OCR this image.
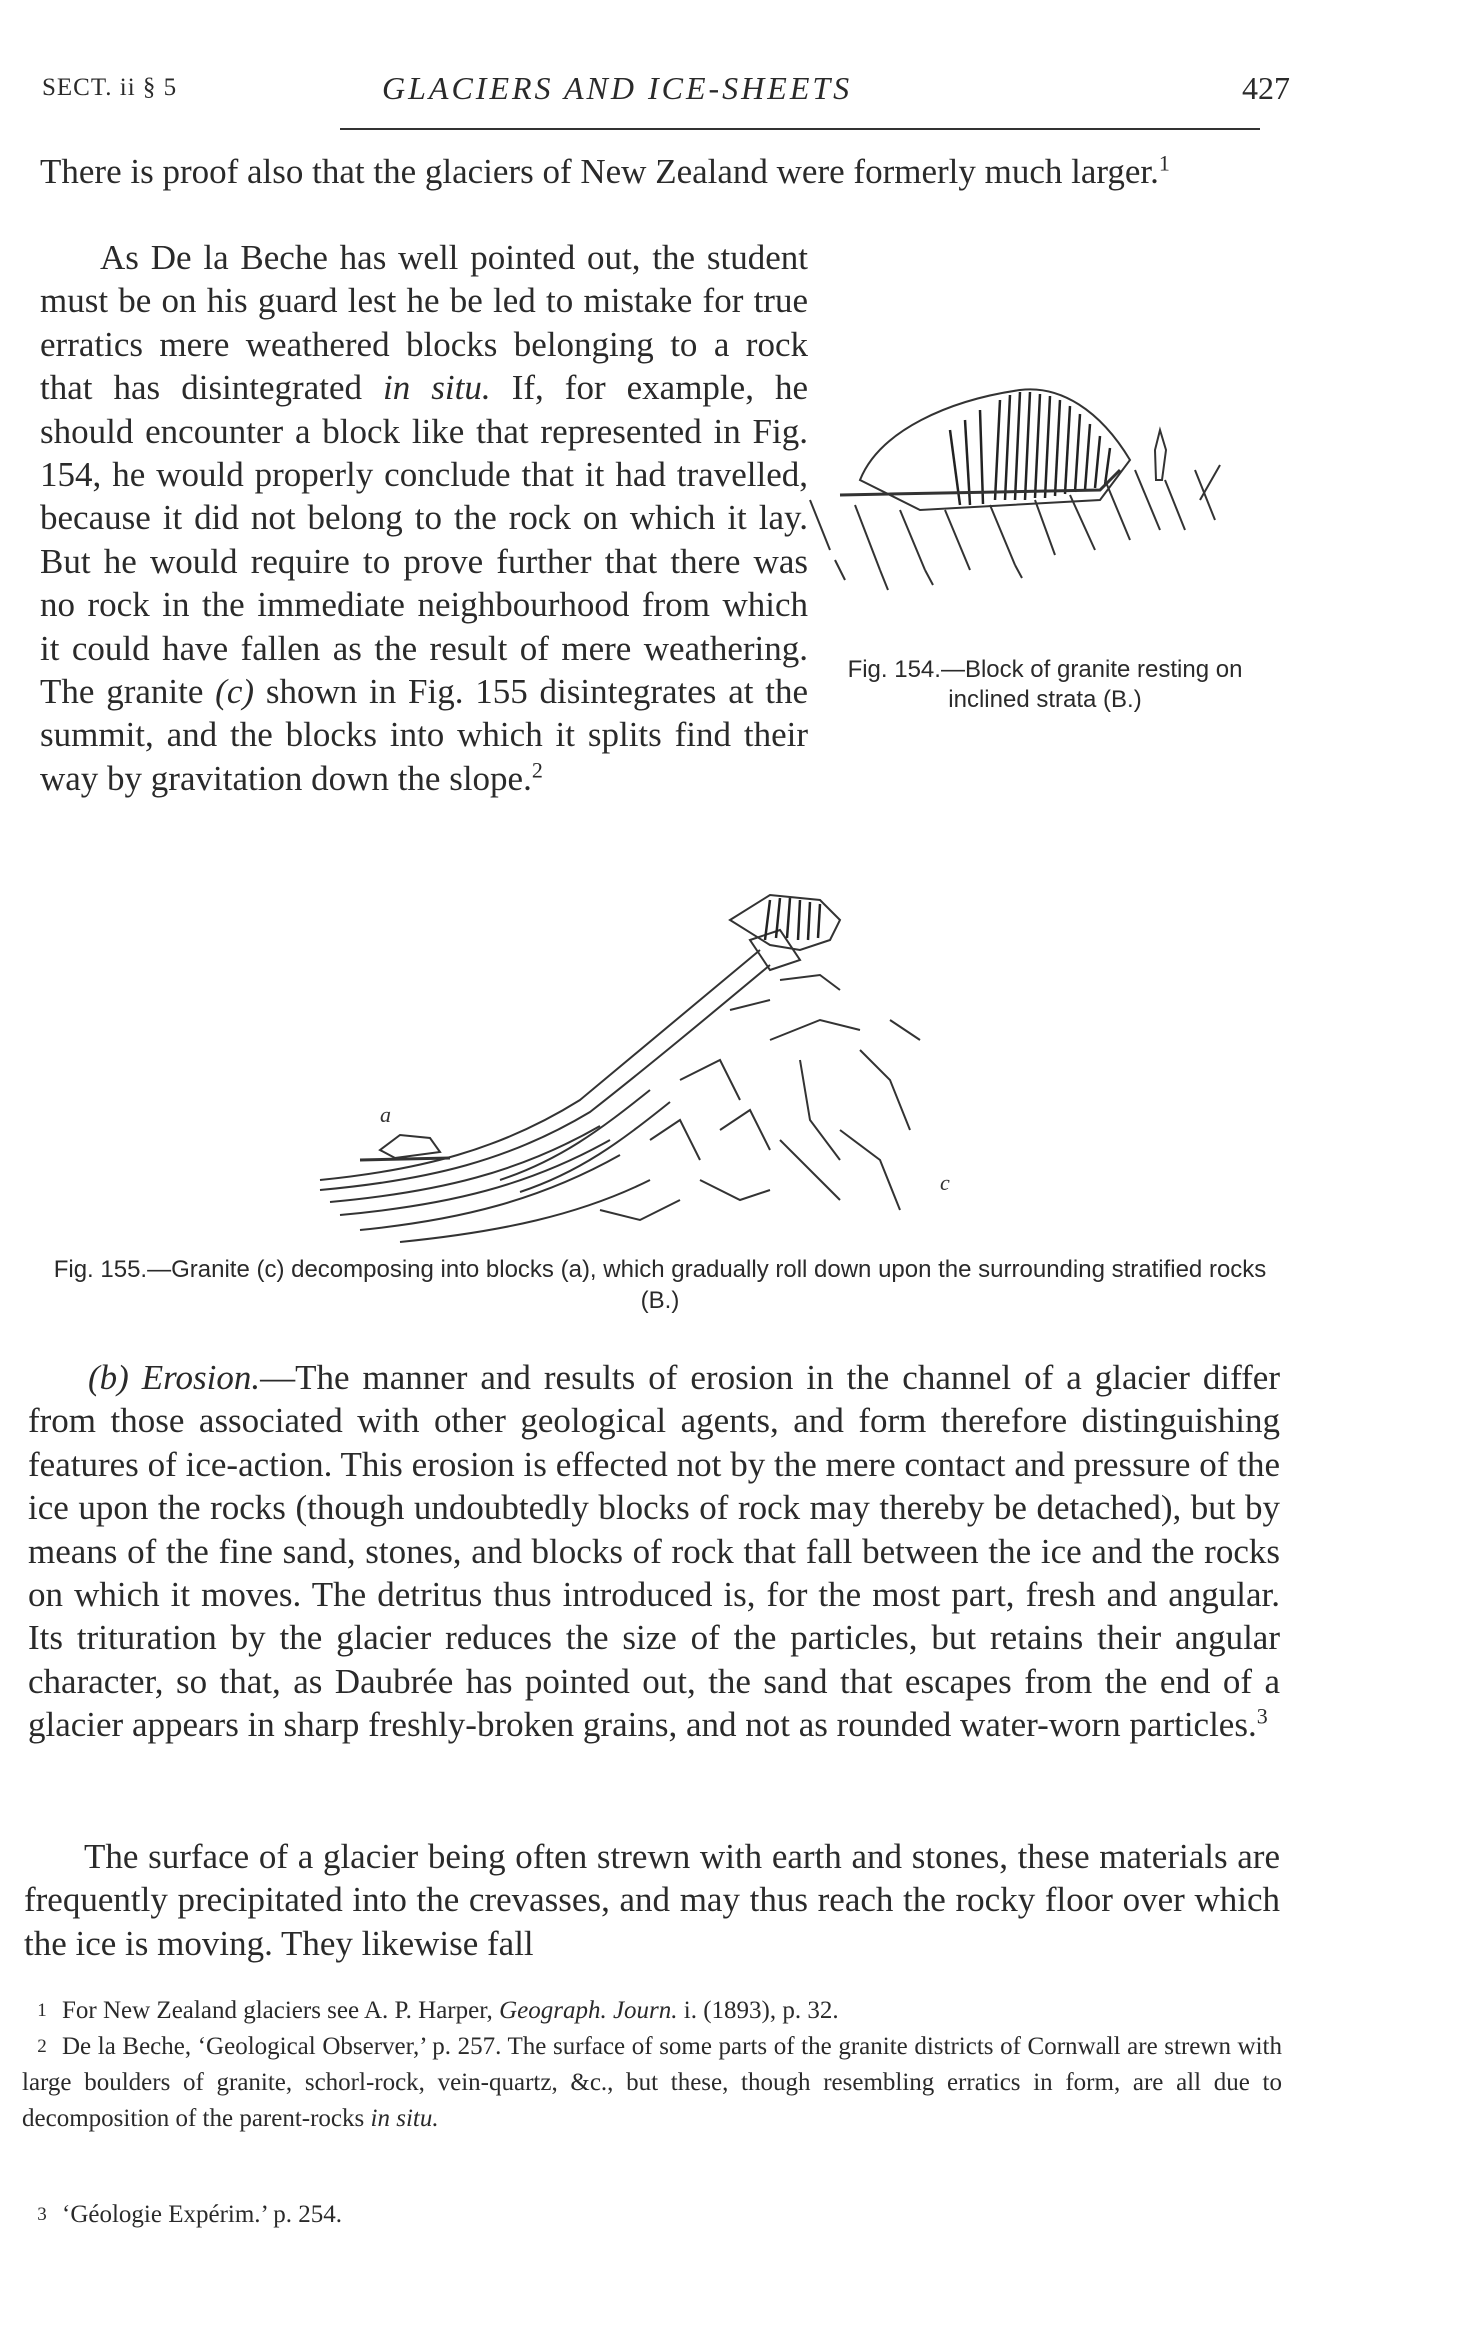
SECT. ii § 5	GLACIERS AND ICE-SHEETS	427
There is proof also that the glaciers of New Zealand were formerly much larger.$^1$
As De la Beche has well pointed out, the student must be on his guard lest he be led to mistake for true erratics mere weathered blocks belonging to a rock that has disintegrated in situ. If, for example, he should encounter a block like that represented in Fig. 154, he would properly conclude that it had travelled, because it did not belong to the rock on which it lay. But he would require to prove further that there was no rock in the immediate neighbourhood from which it could have fallen as the result of mere weathering. The granite (c) shown in Fig. 155 disintegrates at the summit, and the blocks into which it splits find their way by gravitation down the slope.$^2$
Fig. 154.—Block of granite resting on inclined strata (B.)
a
c
Fig. 155.—Granite (c) decomposing into blocks (a), which gradually roll down upon the surrounding stratified rocks (B.)
(b) Erosion.—The manner and results of erosion in the channel of a glacier differ from those associated with other geological agents, and form therefore distinguishing features of ice-action. This erosion is effected not by the mere contact and pressure of the ice upon the rocks (though undoubtedly blocks of rock may thereby be detached), but by means of the fine sand, stones, and blocks of rock that fall between the ice and the rocks on which it moves. The detritus thus introduced is, for the most part, fresh and angular. Its trituration by the glacier reduces the size of the particles, but retains their angular character, so that, as Daubrée has pointed out, the sand that escapes from the end of a glacier appears in sharp freshly-broken grains, and not as rounded water-worn particles.$^3$
The surface of a glacier being often strewn with earth and stones, these materials are frequently precipitated into the crevasses, and may thus reach the rocky floor over which the ice is moving. They likewise fall
1 For New Zealand glaciers see A. P. Harper, Geograph. Journ. i. (1893), p. 32.
2 De la Beche, ‘Geological Observer,’ p. 257. The surface of some parts of the granite districts of Cornwall are strewn with large boulders of granite, schorl-rock, vein-quartz, &c., but these, though resembling erratics in form, are all due to decomposition of the parent-rocks in situ.
3 ‘Géologie Expérim.’ p. 254.
